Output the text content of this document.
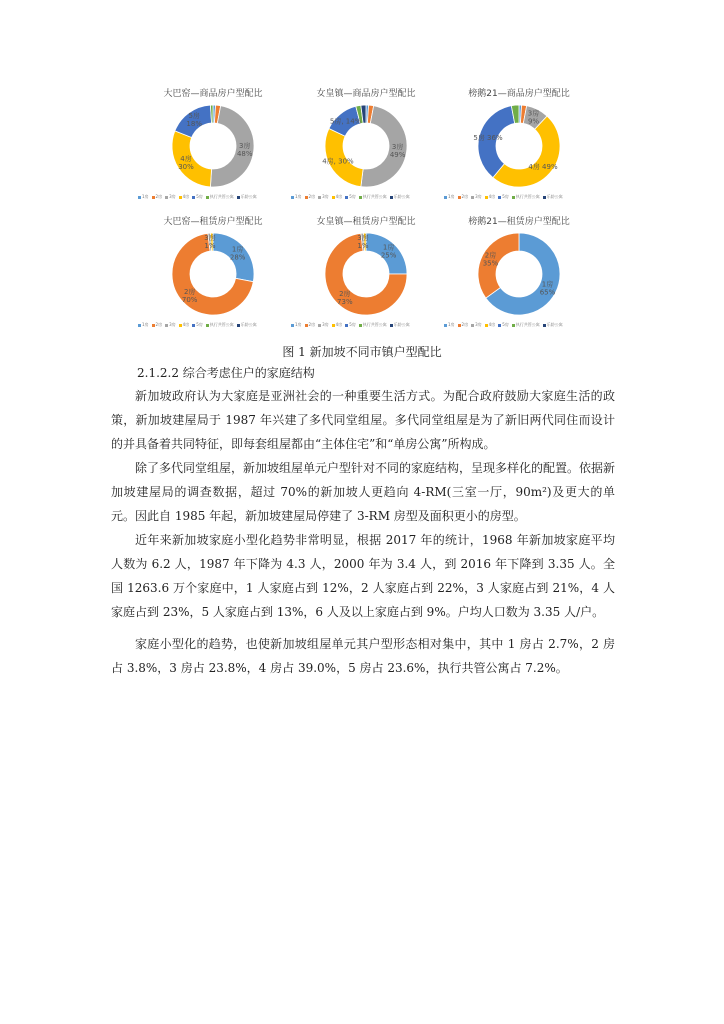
大巴窑—商品房户型配比
3房 48%
4房 30%
5房 18%
1房 2房 3房 4房 5房 执行共管公寓 乐龄公寓
女皇镇—商品房户型配比
3房 49%
4房, 30%
5房, 14%
1房 2房 3房 4房 5房 执行共管公寓 乐龄公寓
榜鹅21—商品房户型配比
3房 9%
4房 49%
5房 36%
1房 2房 3房 4房 5房 执行共管公寓 乐龄公寓
大巴窑—租赁房户型配比
1房 28%
2房 70%
3房 1%
1房 2房 3房 4房 5房 执行共管公寓 乐龄公寓
女皇镇—租赁房户型配比
1房 25%
2房 73%
3房 1%
1房 2房 3房 4房 5房 执行共管公寓 乐龄公寓
榜鹅21—租赁房户型配比
1房 65%
2房 35%
1房 2房 3房 4房 5房 执行共管公寓 乐龄公寓
图 1 新加坡不同市镇户型配比
2.1.2.2 综合考虑住户的家庭结构

新加坡政府认为大家庭是亚洲社会的一种重要生活方式。为配合政府鼓励大家庭生活的政策，新加坡建屋局于 1987 年兴建了多代同堂组屋。多代同堂组屋是为了新旧两代同住而设计的并具备着共同特征，即每套组屋都由“主体住宅”和“单房公寓”所构成。

除了多代同堂组屋，新加坡组屋单元户型针对不同的家庭结构，呈现多样化的配置。依据新加坡建屋局的调查数据，超过 70%的新加坡人更趋向 4-RM(三室一厅，90m²)及更大的单元。因此自 1985 年起，新加坡建屋局停建了 3-RM 房型及面积更小的房型。

近年来新加坡家庭小型化趋势非常明显，根据 2017 年的统计，1968 年新加坡家庭平均人数为 6.2 人，1987 年下降为 4.3 人，2000 年为 3.4 人，到 2016 年下降到 3.35 人。全国 1263.6 万个家庭中，1 人家庭占到 12%，2 人家庭占到 22%，3 人家庭占到 21%，4 人家庭占到 23%，5 人家庭占到 13%，6 人及以上家庭占到 9%。户均人口数为 3.35 人/户。

家庭小型化的趋势，也使新加坡组屋单元其户型形态相对集中，其中 1 房占 2.7%，2 房占 3.8%，3 房占 23.8%，4 房占 39.0%，5 房占 23.6%，执行共管公寓占 7.2%。
